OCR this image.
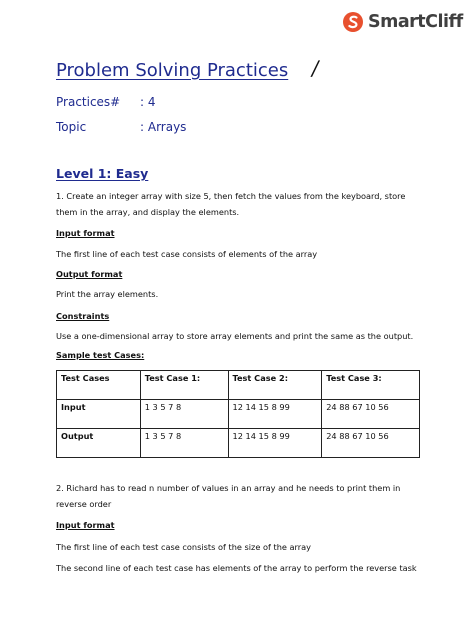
SmartCliff
Problem Solving Practices /
Practices# : 4
Topic	: Arrays
Level 1: Easy
1. Create an integer array with size 5, then fetch the values from the keyboard, store them in the array, and display the elements.
Input format
The first line of each test case consists of elements of the array
Output format
Print the array elements.
Constraints
Use a one-dimensional array to store array elements and print the same as the output.
Sample test Cases:
Test Cases	Test Case 1:	Test Case 2:	Test Case 3:
Input	1 3 5 7 8	12 14 15 8 99	24 88 67 10 56
Output	1 3 5 7 8	12 14 15 8 99	24 88 67 10 56
2. Richard has to read n number of values in an array and he needs to print them in reverse order
Input format
The first line of each test case consists of the size of the array
The second line of each test case has elements of the array to perform the reverse task
